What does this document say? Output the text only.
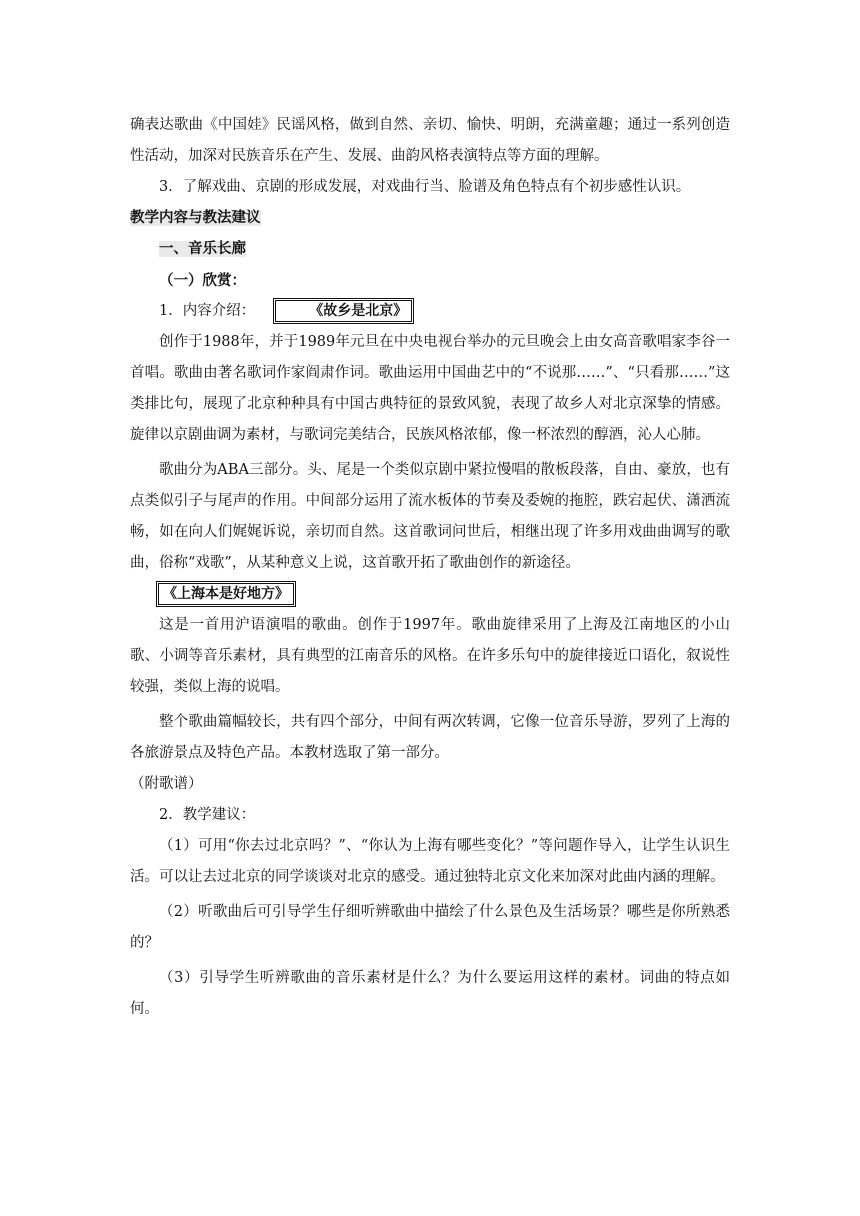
确表达歌曲《中国娃》民谣风格，做到自然、亲切、愉快、明朗，充满童趣；通过一系列创造性活动，加深对民族音乐在产生、发展、曲韵风格表演特点等方面的理解。

3．了解戏曲、京剧的形成发展，对戏曲行当、脸谱及角色特点有个初步感性认识。

教学内容与教法建议

一、音乐长廊

（一）欣赏：

1．内容介绍：	《故乡是北京》

创作于1988年，并于1989年元旦在中央电视台举办的元旦晚会上由女高音歌唱家李谷一首唱。歌曲由著名歌词作家阎肃作词。歌曲运用中国曲艺中的“不说那……”、“只看那……”这类排比句，展现了北京种种具有中国古典特征的景致风貌，表现了故乡人对北京深挚的情感。旋律以京剧曲调为素材，与歌词完美结合，民族风格浓郁，像一杯浓烈的醇酒，沁人心肺。

歌曲分为ABA三部分。头、尾是一个类似京剧中紧拉慢唱的散板段落，自由、豪放，也有点类似引子与尾声的作用。中间部分运用了流水板体的节奏及委婉的拖腔，跌宕起伏、潇洒流畅，如在向人们娓娓诉说，亲切而自然。这首歌词问世后，相继出现了许多用戏曲曲调写的歌曲，俗称“戏歌”，从某种意义上说，这首歌开拓了歌曲创作的新途径。

《上海本是好地方》

这是一首用沪语演唱的歌曲。创作于1997年。歌曲旋律采用了上海及江南地区的小山歌、小调等音乐素材，具有典型的江南音乐的风格。在许多乐句中的旋律接近口语化，叙说性较强，类似上海的说唱。

整个歌曲篇幅较长，共有四个部分，中间有两次转调，它像一位音乐导游，罗列了上海的各旅游景点及特色产品。本教材选取了第一部分。

（附歌谱）

2．教学建议：

（1）可用“你去过北京吗？”、“你认为上海有哪些变化？”等问题作导入，让学生认识生活。可以让去过北京的同学谈谈对北京的感受。通过独特北京文化来加深对此曲内涵的理解。

（2）听歌曲后可引导学生仔细听辨歌曲中描绘了什么景色及生活场景？哪些是你所熟悉的？

（3）引导学生听辨歌曲的音乐素材是什么？为什么要运用这样的素材。词曲的特点如何。
